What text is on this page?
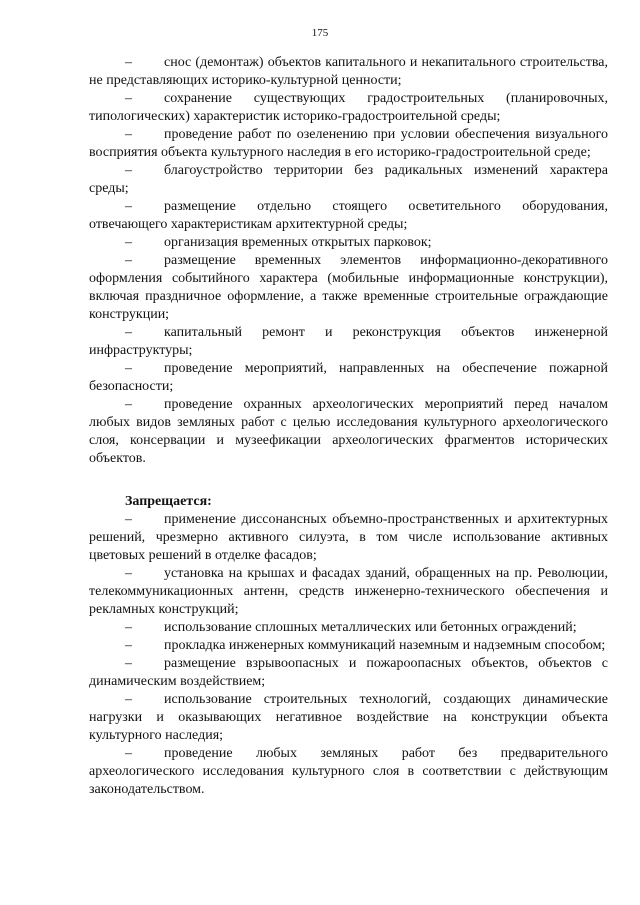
175

– снос (демонтаж) объектов капитального и некапитального строительства, не представляющих историко-культурной ценности;

– сохранение существующих градостроительных (планировочных, типологических) характеристик историко-градостроительной среды;

– проведение работ по озеленению при условии обеспечения визуального восприятия объекта культурного наследия в его историко-градостроительной среде;

– благоустройство территории без радикальных изменений характера среды;

– размещение отдельно стоящего осветительного оборудования, отвечающего характеристикам архитектурной среды;

– организация временных открытых парковок;

– размещение временных элементов информационно-декоративного оформления событийного характера (мобильные информационные конструкции), включая праздничное оформление, а также временные строительные ограждающие конструкции;

– капитальный ремонт и реконструкция объектов инженерной инфраструктуры;

– проведение мероприятий, направленных на обеспечение пожарной безопасности;

– проведение охранных археологических мероприятий перед началом любых видов земляных работ с целью исследования культурного археологического слоя, консервации и музеефикации археологических фрагментов исторических объектов.

Запрещается:

– применение диссонансных объемно-пространственных и архитектурных решений, чрезмерно активного силуэта, в том числе использование активных цветовых решений в отделке фасадов;

– установка на крышах и фасадах зданий, обращенных на пр. Революции, телекоммуникационных антенн, средств инженерно-технического обеспечения и рекламных конструкций;

– использование сплошных металлических или бетонных ограждений;

– прокладка инженерных коммуникаций наземным и надземным способом;

– размещение взрывоопасных и пожароопасных объектов, объектов с динамическим воздействием;

– использование строительных технологий, создающих динамические нагрузки и оказывающих негативное воздействие на конструкции объекта культурного наследия;

– проведение любых земляных работ без предварительного археологического исследования культурного слоя в соответствии с действующим законодательством.
